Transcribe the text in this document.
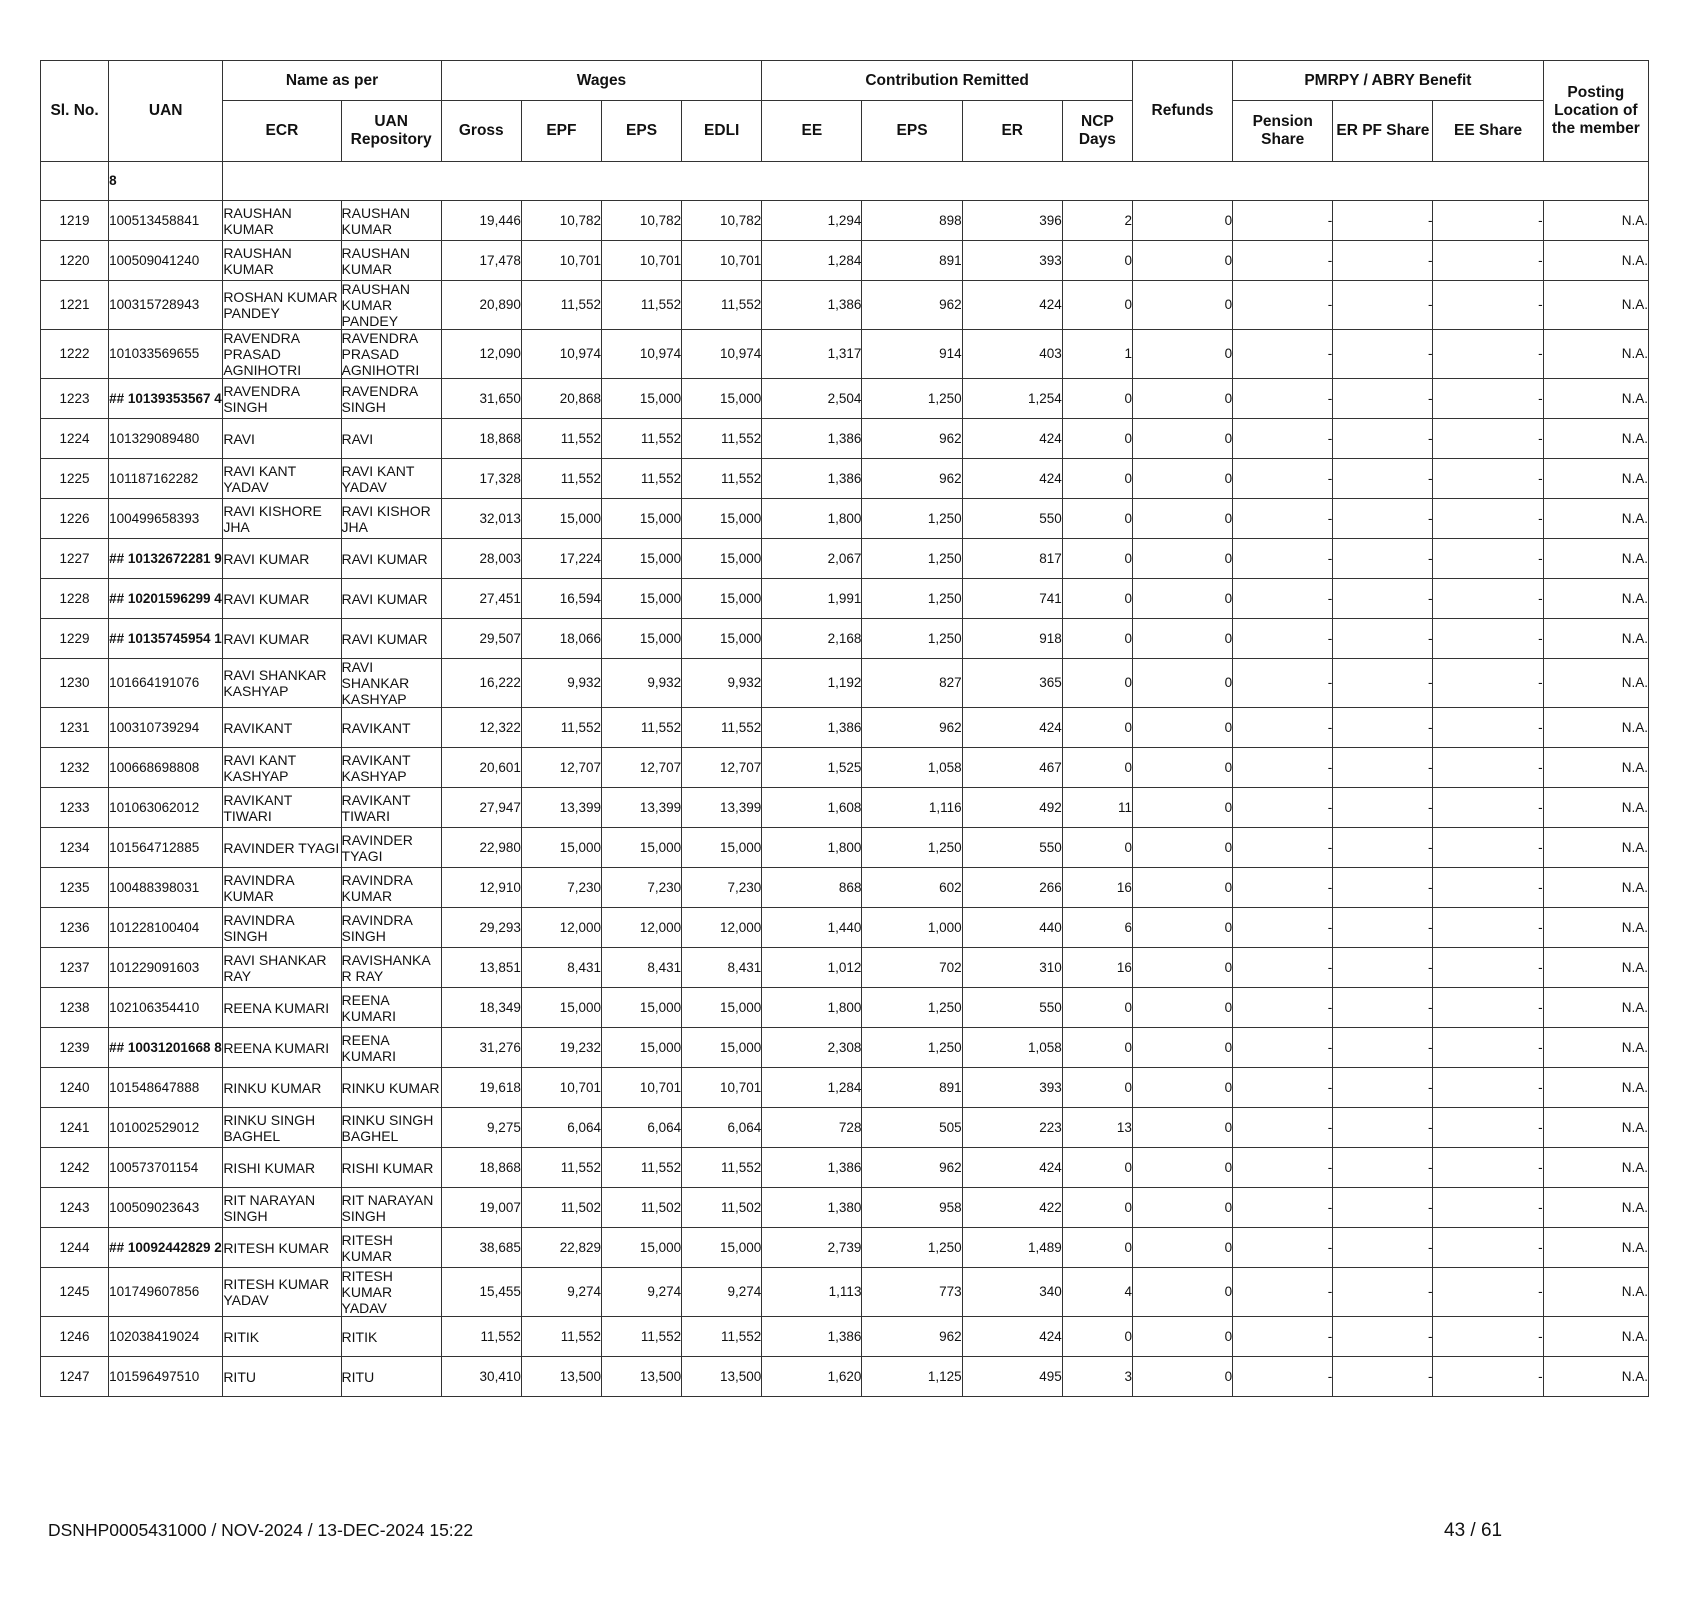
Sl. No.	UAN	Name as per		Wages				Contribution Remitted				Refunds	PMRPY / ABRY Benefit			Posting Location of the member
		ECR	UAN Repository	Gross	EPF	EPS	EDLI	EE	EPS	ER	NCP Days		Pension Share	ER PF Share	EE Share	
	8															
1219	100513458841	RAUSHAN KUMAR	RAUSHAN KUMAR	19,446	10,782	10,782	10,782	1,294	898	396	2	0	-	-	-	N.A.
1220	100509041240	RAUSHAN KUMAR	RAUSHAN KUMAR	17,478	10,701	10,701	10,701	1,284	891	393	0	0	-	-	-	N.A.
1221	100315728943	ROSHAN KUMAR PANDEY	RAUSHAN KUMAR PANDEY	20,890	11,552	11,552	11,552	1,386	962	424	0	0	-	-	-	N.A.
1222	101033569655	RAVENDRA PRASAD AGNIHOTRI	RAVENDRA PRASAD AGNIHOTRI	12,090	10,974	10,974	10,974	1,317	914	403	1	0	-	-	-	N.A.
1223	## 10139353567 4	RAVENDRA SINGH	RAVENDRA SINGH	31,650	20,868	15,000	15,000	2,504	1,250	1,254	0	0	-	-	-	N.A.
1224	101329089480	RAVI	RAVI	18,868	11,552	11,552	11,552	1,386	962	424	0	0	-	-	-	N.A.
1225	101187162282	RAVI KANT YADAV	RAVI KANT YADAV	17,328	11,552	11,552	11,552	1,386	962	424	0	0	-	-	-	N.A.
1226	100499658393	RAVI KISHORE JHA	RAVI KISHOR JHA	32,013	15,000	15,000	15,000	1,800	1,250	550	0	0	-	-	-	N.A.
1227	## 10132672281 9	RAVI KUMAR	RAVI KUMAR	28,003	17,224	15,000	15,000	2,067	1,250	817	0	0	-	-	-	N.A.
1228	## 10201596299 4	RAVI KUMAR	RAVI KUMAR	27,451	16,594	15,000	15,000	1,991	1,250	741	0	0	-	-	-	N.A.
1229	## 10135745954 1	RAVI KUMAR	RAVI KUMAR	29,507	18,066	15,000	15,000	2,168	1,250	918	0	0	-	-	-	N.A.
1230	101664191076	RAVI SHANKAR KASHYAP	RAVI SHANKAR KASHYAP	16,222	9,932	9,932	9,932	1,192	827	365	0	0	-	-	-	N.A.
1231	100310739294	RAVIKANT	RAVIKANT	12,322	11,552	11,552	11,552	1,386	962	424	0	0	-	-	-	N.A.
1232	100668698808	RAVI KANT KASHYAP	RAVIKANT KASHYAP	20,601	12,707	12,707	12,707	1,525	1,058	467	0	0	-	-	-	N.A.
1233	101063062012	RAVIKANT TIWARI	RAVIKANT TIWARI	27,947	13,399	13,399	13,399	1,608	1,116	492	11	0	-	-	-	N.A.
1234	101564712885	RAVINDER TYAGI	RAVINDER TYAGI	22,980	15,000	15,000	15,000	1,800	1,250	550	0	0	-	-	-	N.A.
1235	100488398031	RAVINDRA KUMAR	RAVINDRA KUMAR	12,910	7,230	7,230	7,230	868	602	266	16	0	-	-	-	N.A.
1236	101228100404	RAVINDRA SINGH	RAVINDRA SINGH	29,293	12,000	12,000	12,000	1,440	1,000	440	6	0	-	-	-	N.A.
1237	101229091603	RAVI SHANKAR RAY	RAVISHANKA R RAY	13,851	8,431	8,431	8,431	1,012	702	310	16	0	-	-	-	N.A.
1238	102106354410	REENA KUMARI	REENA KUMARI	18,349	15,000	15,000	15,000	1,800	1,250	550	0	0	-	-	-	N.A.
1239	## 10031201668 8	REENA KUMARI	REENA KUMARI	31,276	19,232	15,000	15,000	2,308	1,250	1,058	0	0	-	-	-	N.A.
1240	101548647888	RINKU KUMAR	RINKU KUMAR	19,618	10,701	10,701	10,701	1,284	891	393	0	0	-	-	-	N.A.
1241	101002529012	RINKU SINGH BAGHEL	RINKU SINGH BAGHEL	9,275	6,064	6,064	6,064	728	505	223	13	0	-	-	-	N.A.
1242	100573701154	RISHI KUMAR	RISHI KUMAR	18,868	11,552	11,552	11,552	1,386	962	424	0	0	-	-	-	N.A.
1243	100509023643	RIT NARAYAN SINGH	RIT NARAYAN SINGH	19,007	11,502	11,502	11,502	1,380	958	422	0	0	-	-	-	N.A.
1244	## 10092442829 2	RITESH KUMAR	RITESH KUMAR	38,685	22,829	15,000	15,000	2,739	1,250	1,489	0	0	-	-	-	N.A.
1245	101749607856	RITESH KUMAR YADAV	RITESH KUMAR YADAV	15,455	9,274	9,274	9,274	1,113	773	340	4	0	-	-	-	N.A.
1246	102038419024	RITIK	RITIK	11,552	11,552	11,552	11,552	1,386	962	424	0	0	-	-	-	N.A.
1247	101596497510	RITU	RITU	30,410	13,500	13,500	13,500	1,620	1,125	495	3	0	-	-	-	N.A.
DSNHP0005431000 / NOV-2024 / 13-DEC-2024 15:22	43 / 61
